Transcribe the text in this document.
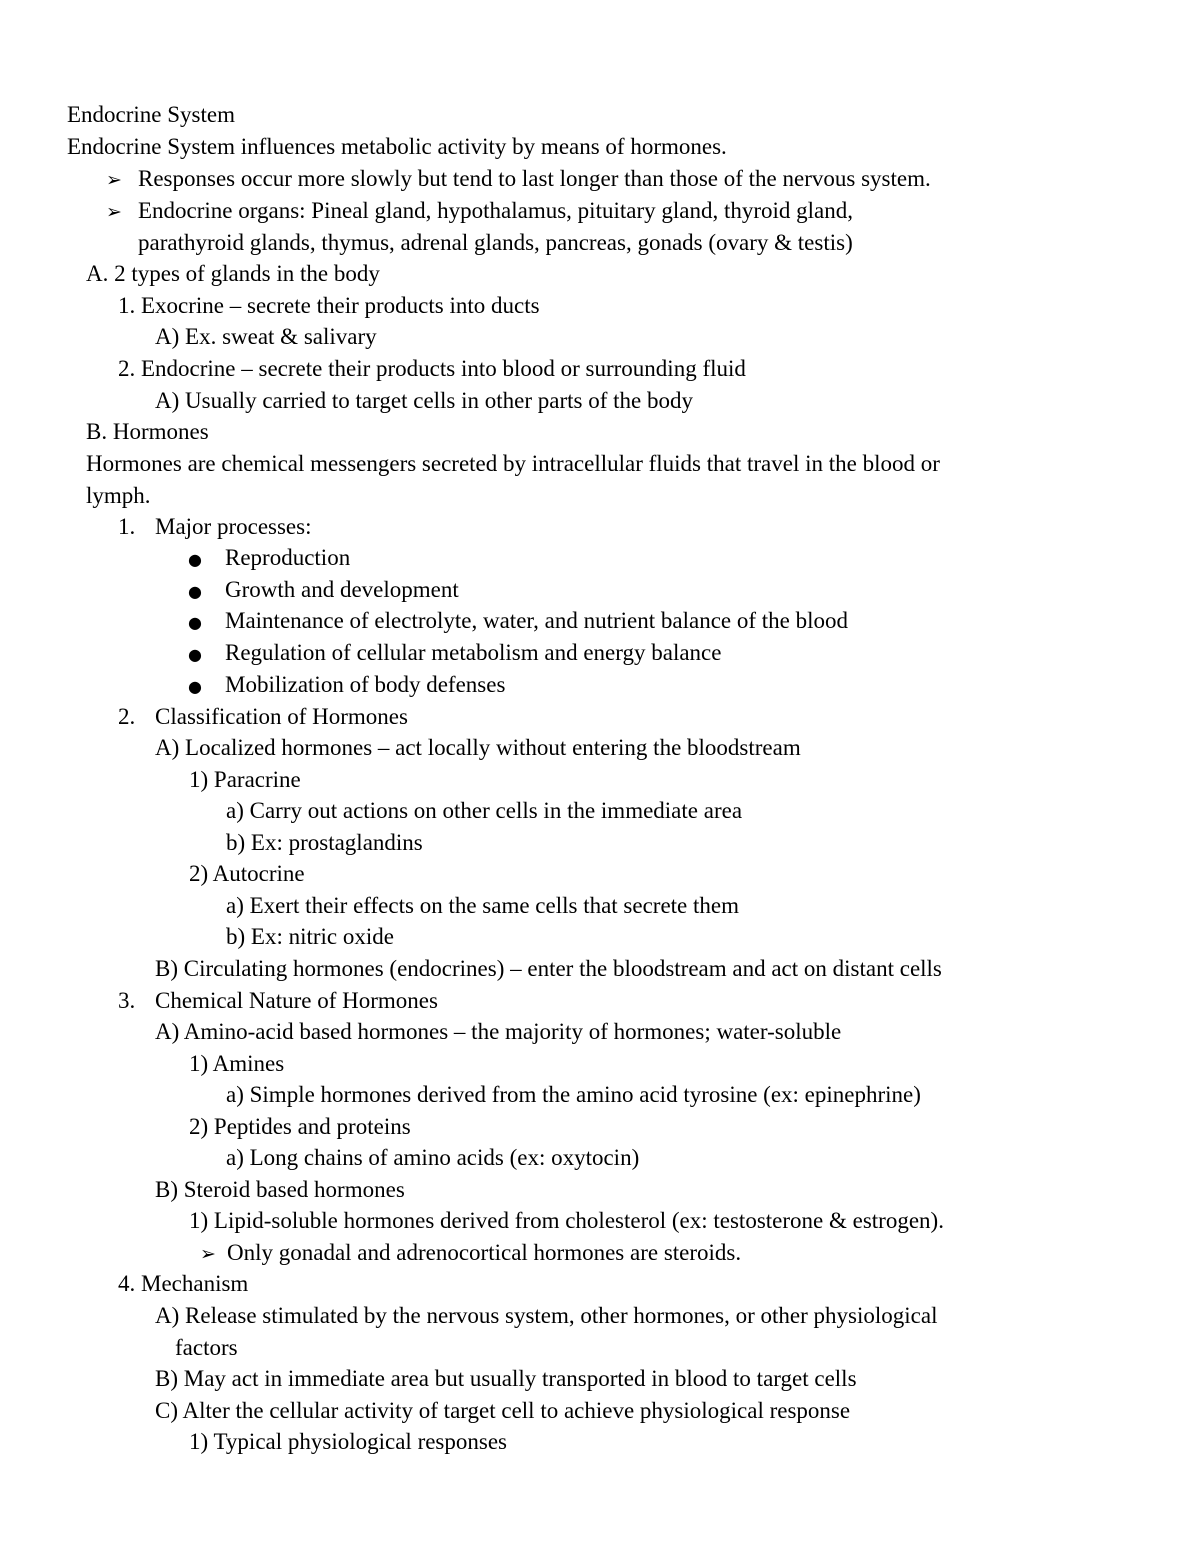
Endocrine System
Endocrine System influences metabolic activity by means of hormones.
➢ Responses occur more slowly but tend to last longer than those of the nervous system.
➢ Endocrine organs: Pineal gland, hypothalamus, pituitary gland, thyroid gland,
parathyroid glands, thymus, adrenal glands, pancreas, gonads (ovary & testis)
A. 2 types of glands in the body
1. Exocrine – secrete their products into ducts
A) Ex. sweat & salivary
2. Endocrine – secrete their products into blood or surrounding fluid
A) Usually carried to target cells in other parts of the body
B. Hormones
Hormones are chemical messengers secreted by intracellular fluids that travel in the blood or
lymph.
1. Major processes:
● Reproduction
● Growth and development
● Maintenance of electrolyte, water, and nutrient balance of the blood
● Regulation of cellular metabolism and energy balance
● Mobilization of body defenses
2. Classification of Hormones
A) Localized hormones – act locally without entering the bloodstream
1) Paracrine
a) Carry out actions on other cells in the immediate area
b) Ex: prostaglandins
2) Autocrine
a) Exert their effects on the same cells that secrete them
b) Ex: nitric oxide
B) Circulating hormones (endocrines) – enter the bloodstream and act on distant cells
3. Chemical Nature of Hormones
A) Amino-acid based hormones – the majority of hormones; water-soluble
1) Amines
a) Simple hormones derived from the amino acid tyrosine (ex: epinephrine)
2) Peptides and proteins
a) Long chains of amino acids (ex: oxytocin)
B) Steroid based hormones
1) Lipid-soluble hormones derived from cholesterol (ex: testosterone & estrogen).
➢ Only gonadal and adrenocortical hormones are steroids.
4. Mechanism
A) Release stimulated by the nervous system, other hormones, or other physiological
factors
B) May act in immediate area but usually transported in blood to target cells
C) Alter the cellular activity of target cell to achieve physiological response
1) Typical physiological responses
